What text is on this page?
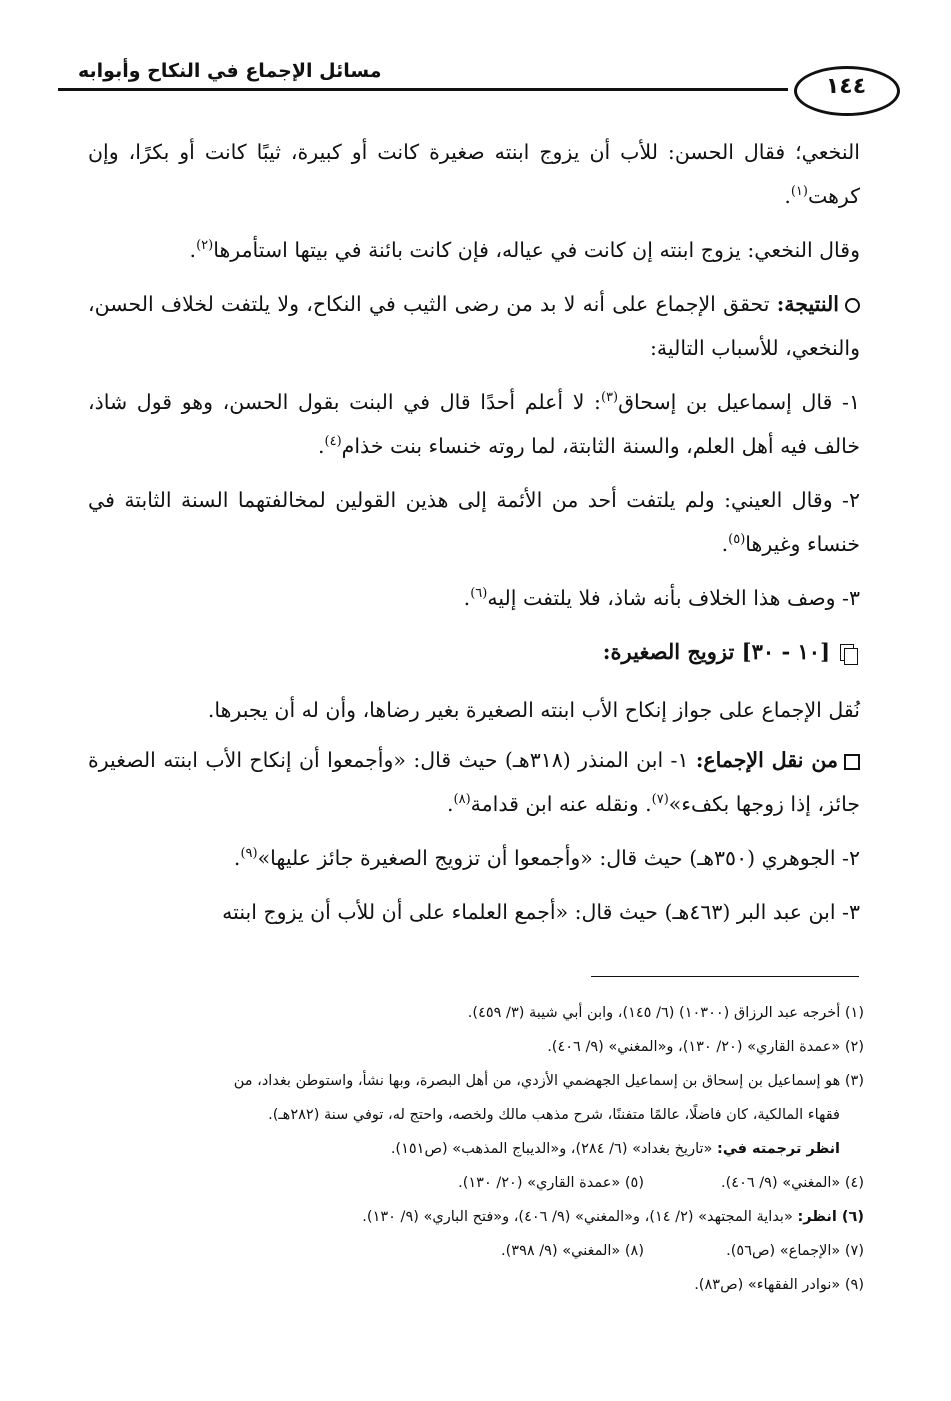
مسائل الإجماع في النكاح وأبوابه
١٤٤

النخعي؛ فقال الحسن: للأب أن يزوج ابنته صغيرة كانت أو كبيرة، ثيبًا كانت أو بكرًا، وإن كرهت$^{(١)}$.

وقال النخعي: يزوج ابنته إن كانت في عياله، فإن كانت بائنة في بيتها استأمرها$^{(٢)}$.

النتيجة: تحقق الإجماع على أنه لا بد من رضى الثيب في النكاح، ولا يلتفت لخلاف الحسن، والنخعي، للأسباب التالية:

١- قال إسماعيل بن إسحاق$^{(٣)}$: لا أعلم أحدًا قال في البنت بقول الحسن، وهو قول شاذ، خالف فيه أهل العلم، والسنة الثابتة، لما روته خنساء بنت خذام$^{(٤)}$.

٢- وقال العيني: ولم يلتفت أحد من الأئمة إلى هذين القولين لمخالفتهما السنة الثابتة في خنساء وغيرها$^{(٥)}$.

٣- وصف هذا الخلاف بأنه شاذ، فلا يلتفت إليه$^{(٦)}$.

[١٠ - ٣٠] تزويج الصغيرة:

نُقل الإجماع على جواز إنكاح الأب ابنته الصغيرة بغير رضاها، وأن له أن يجبرها.

من نقل الإجماع: ١- ابن المنذر (٣١٨هـ) حيث قال: «وأجمعوا أن إنكاح الأب ابنته الصغيرة جائز، إذا زوجها بكفء»$^{(٧)}$. ونقله عنه ابن قدامة$^{(٨)}$.

٢- الجوهري (٣٥٠هـ) حيث قال: «وأجمعوا أن تزويج الصغيرة جائز عليها»$^{(٩)}$.

٣- ابن عبد البر (٤٦٣هـ) حيث قال: «أجمع العلماء على أن للأب أن يزوج ابنته

(١) أخرجه عبد الرزاق (١٠٣٠٠) (٦/ ١٤٥)، وابن أبي شيبة (٣/ ٤٥٩).

(٢) «عمدة القاري» (٢٠/ ١٣٠)، و«المغني» (٩/ ٤٠٦).

(٣) هو إسماعيل بن إسحاق بن إسماعيل الجهضمي الأزدي، من أهل البصرة، وبها نشأ، واستوطن بغداد، من

فقهاء المالكية، كان فاضلًا، عالمًا متفننًا، شرح مذهب مالك ولخصه، واحتج له، توفي سنة (٢٨٢هـ).

انظر ترجمته في: «تاريخ بغداد» (٦/ ٢٨٤)، و«الديباج المذهب» (ص١٥١).

(٤) «المغني» (٩/ ٤٠٦).

(٥) «عمدة القاري» (٢٠/ ١٣٠).

(٦) انظر: «بداية المجتهد» (٢/ ١٤)، و«المغني» (٩/ ٤٠٦)، و«فتح الباري» (٩/ ١٣٠).

(٧) «الإجماع» (ص٥٦).

(٨) «المغني» (٩/ ٣٩٨).

(٩) «نوادر الفقهاء» (ص٨٣).
